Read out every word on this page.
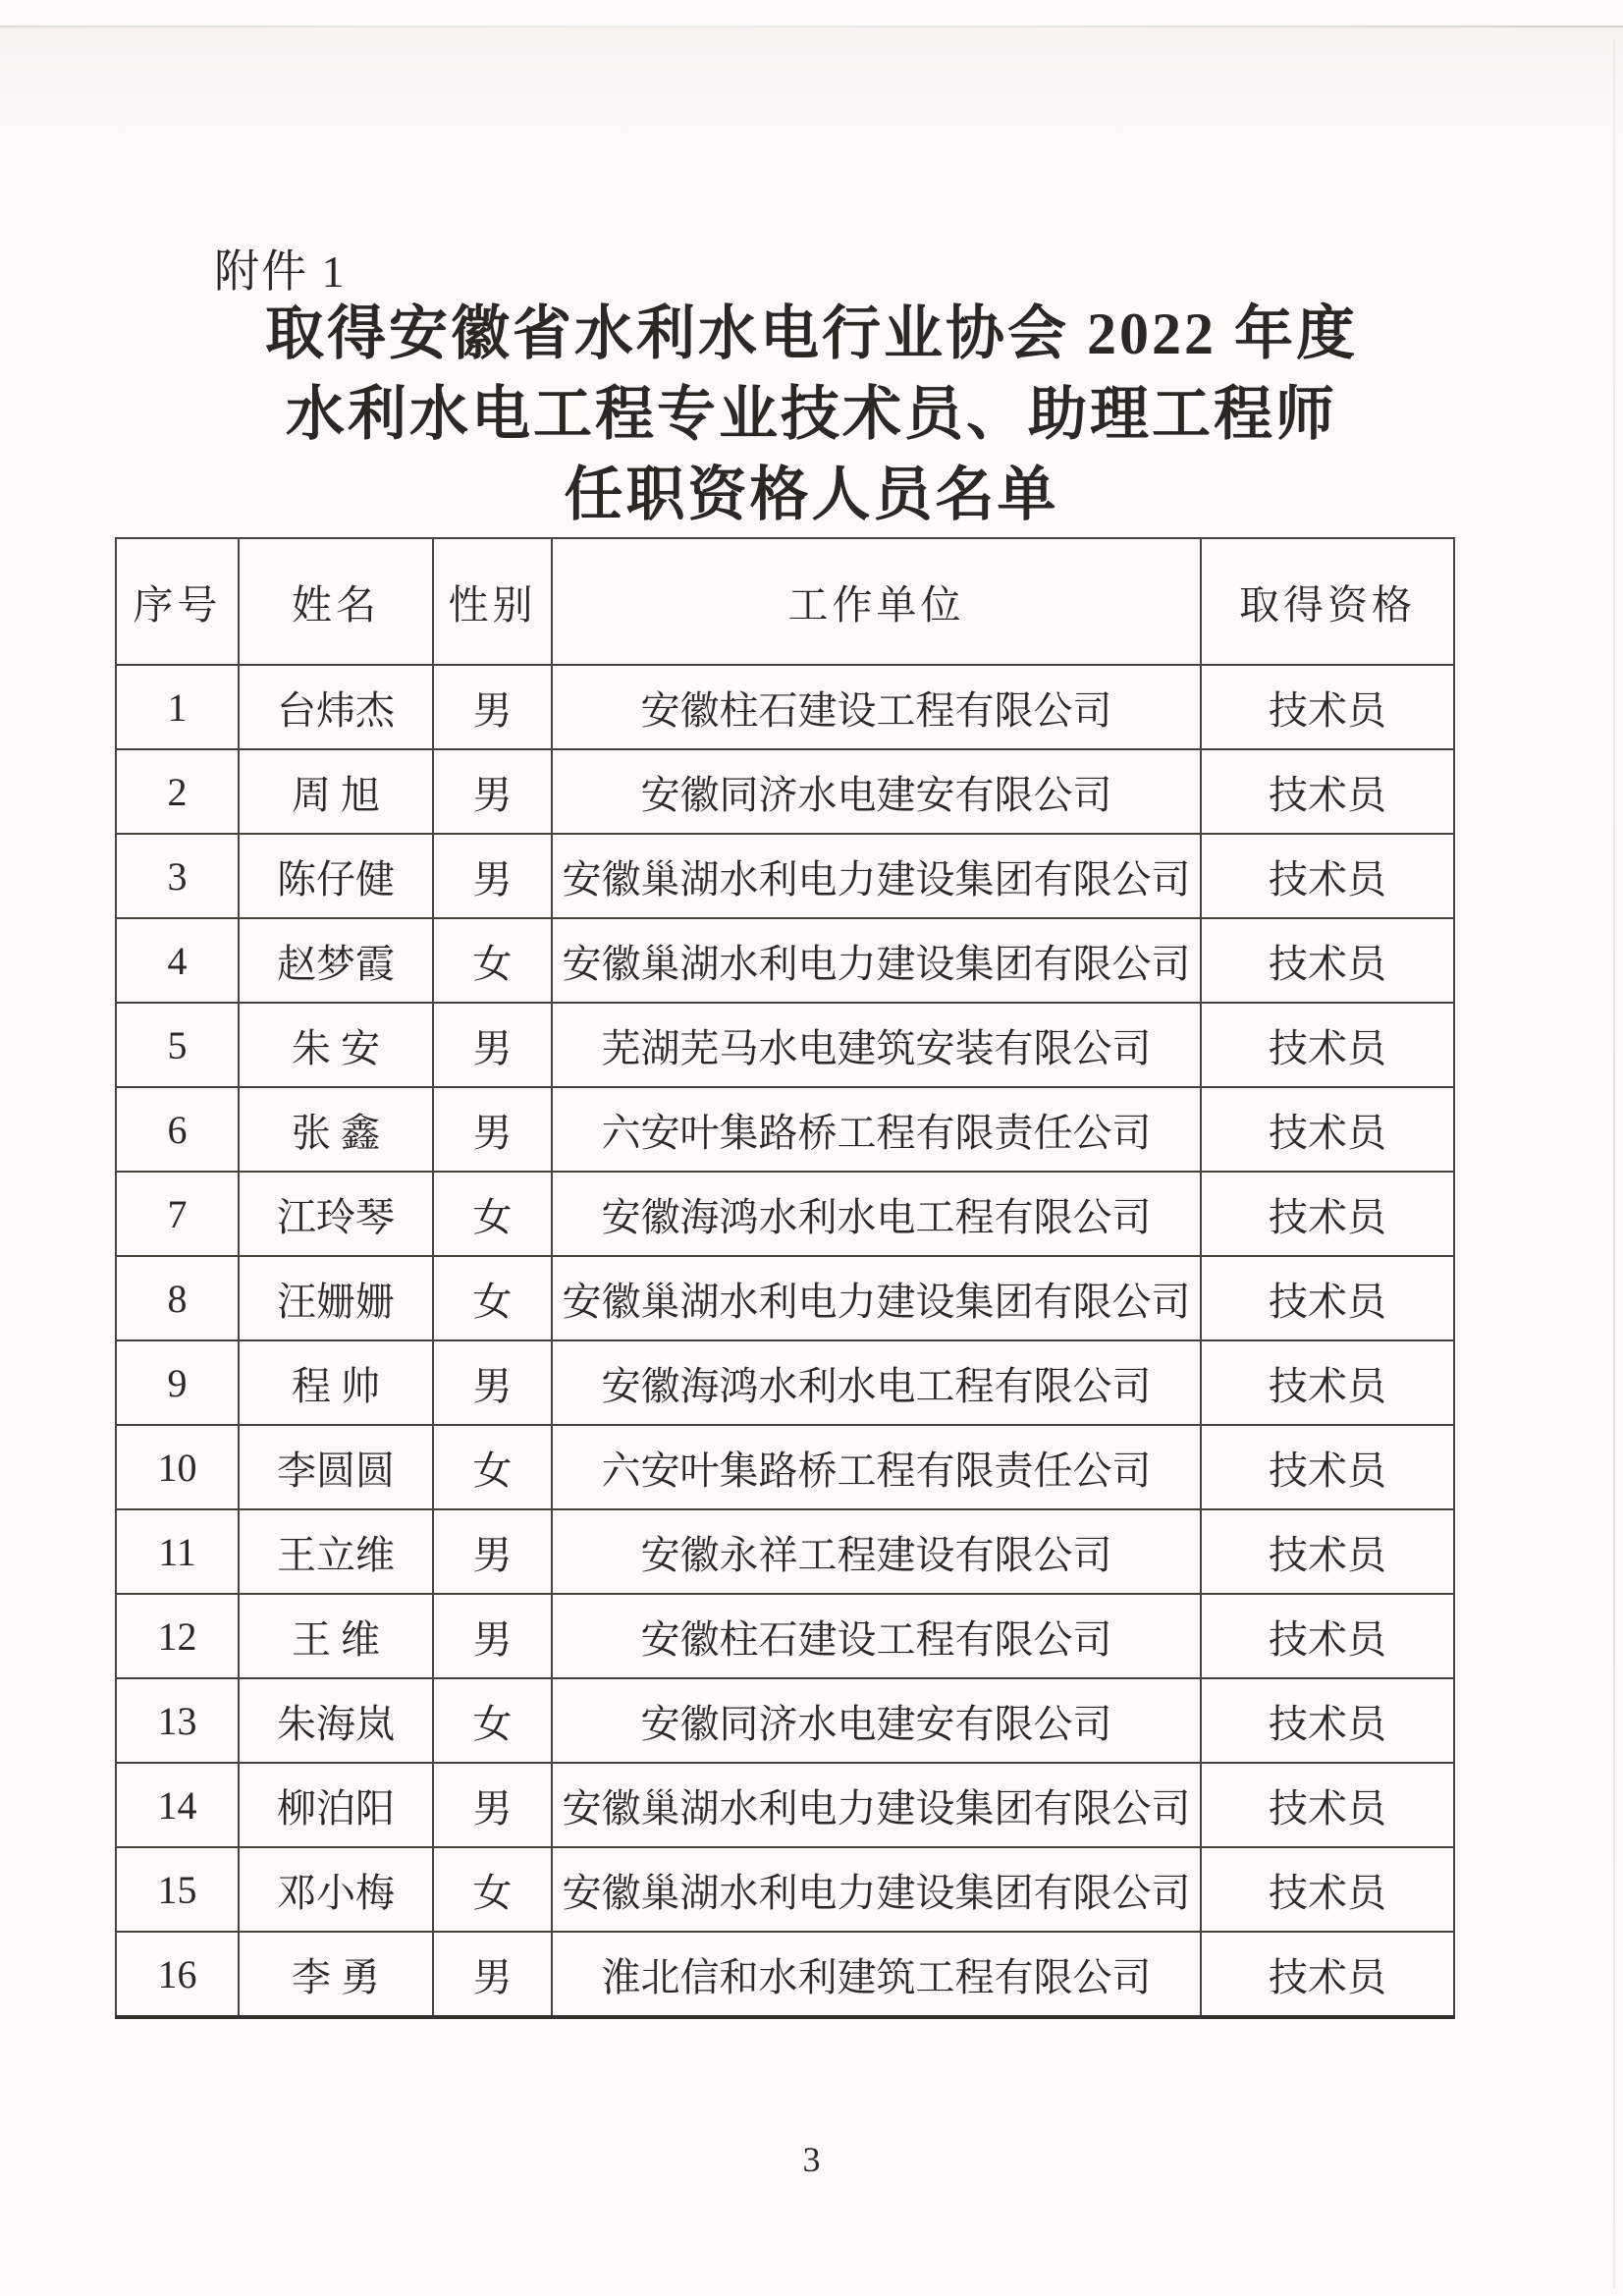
附件 1
取得安徽省水利水电行业协会 2022 年度
水利水电工程专业技术员、助理工程师
任职资格人员名单
序号	姓名	性别	工作单位	取得资格
1	台炜杰	男	安徽柱石建设工程有限公司	技术员
2	周 旭	男	安徽同济水电建安有限公司	技术员
3	陈仔健	男	安徽巢湖水利电力建设集团有限公司	技术员
4	赵梦霞	女	安徽巢湖水利电力建设集团有限公司	技术员
5	朱 安	男	芜湖芜马水电建筑安装有限公司	技术员
6	张 鑫	男	六安叶集路桥工程有限责任公司	技术员
7	江玲琴	女	安徽海鸿水利水电工程有限公司	技术员
8	汪姗姗	女	安徽巢湖水利电力建设集团有限公司	技术员
9	程 帅	男	安徽海鸿水利水电工程有限公司	技术员
10	李圆圆	女	六安叶集路桥工程有限责任公司	技术员
11	王立维	男	安徽永祥工程建设有限公司	技术员
12	王 维	男	安徽柱石建设工程有限公司	技术员
13	朱海岚	女	安徽同济水电建安有限公司	技术员
14	柳泊阳	男	安徽巢湖水利电力建设集团有限公司	技术员
15	邓小梅	女	安徽巢湖水利电力建设集团有限公司	技术员
16	李 勇	男	淮北信和水利建筑工程有限公司	技术员
3
